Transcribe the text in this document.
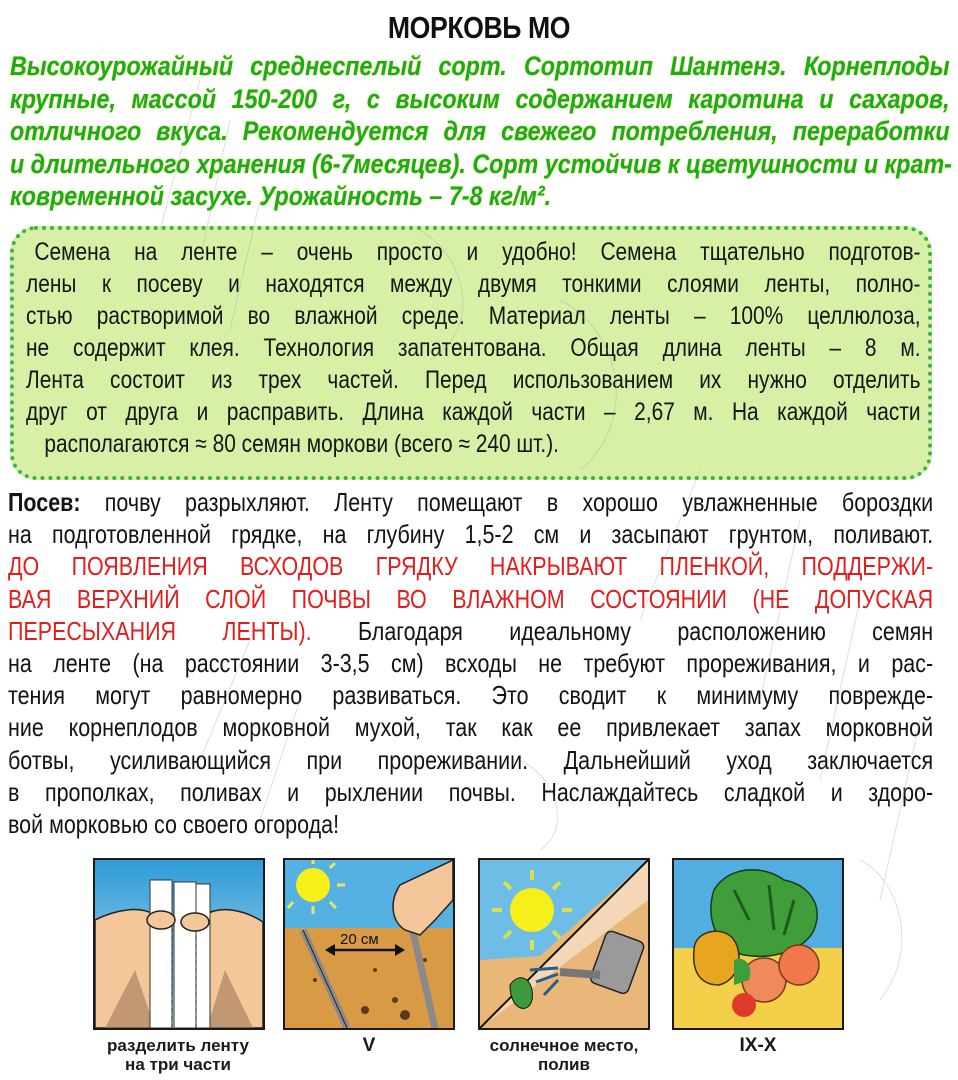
МОРКОВЬ МО
Высокоурожайный среднеспелый сорт. Сортотип Шантенэ. Корнеплоды
крупные, массой 150-200 г, с высоким содержанием каротина и сахаров,
отличного вкуса. Рекомендуется для свежего потребления, переработки
и длительного хранения (6-7месяцев). Сорт устойчив к цветушности и крат-
ковременной засухе. Урожайность – 7-8 кг/м².
Семена на ленте – очень просто и удобно! Семена тщательно подготов-
лены к посеву и находятся между двумя тонкими слоями ленты, полно-
стью растворимой во влажной среде. Материал ленты – 100% целлюлоза,
не содержит клея. Технология запатентована. Общая длина ленты – 8 м.
Лента состоит из трех частей. Перед использованием их нужно отделить
друг от друга и расправить. Длина каждой части – 2,67 м. На каждой части
располагаются ≈ 80 семян моркови (всего ≈ 240 шт.).
Посев: почву разрыхляют. Ленту помещают в хорошо увлажненные бороздки
на подготовленной грядке, на глубину 1,5-2 см и засыпают грунтом, поливают.
ДО ПОЯВЛЕНИЯ ВСХОДОВ ГРЯДКУ НАКРЫВАЮТ ПЛЕНКОЙ, ПОДДЕРЖИ-
ВАЯ ВЕРХНИЙ СЛОЙ ПОЧВЫ ВО ВЛАЖНОМ СОСТОЯНИИ (НЕ ДОПУСКАЯ
ПЕРЕСЫХАНИЯ ЛЕНТЫ). Благодаря идеальному расположению семян
на ленте (на расстоянии 3-3,5 см) всходы не требуют прореживания, и рас-
тения могут равномерно развиваться. Это сводит к минимуму поврежде-
ние корнеплодов морковной мухой, так как ее привлекает запах морковной
ботвы, усиливающийся при прореживании. Дальнейший уход заключается
в прополках, поливах и рыхлении почвы. Наслаждайтесь сладкой и здоро-
вой морковью со своего огорода!
разделить ленту
на три части
20 см
V	солнечное место,
полив
IX-X
